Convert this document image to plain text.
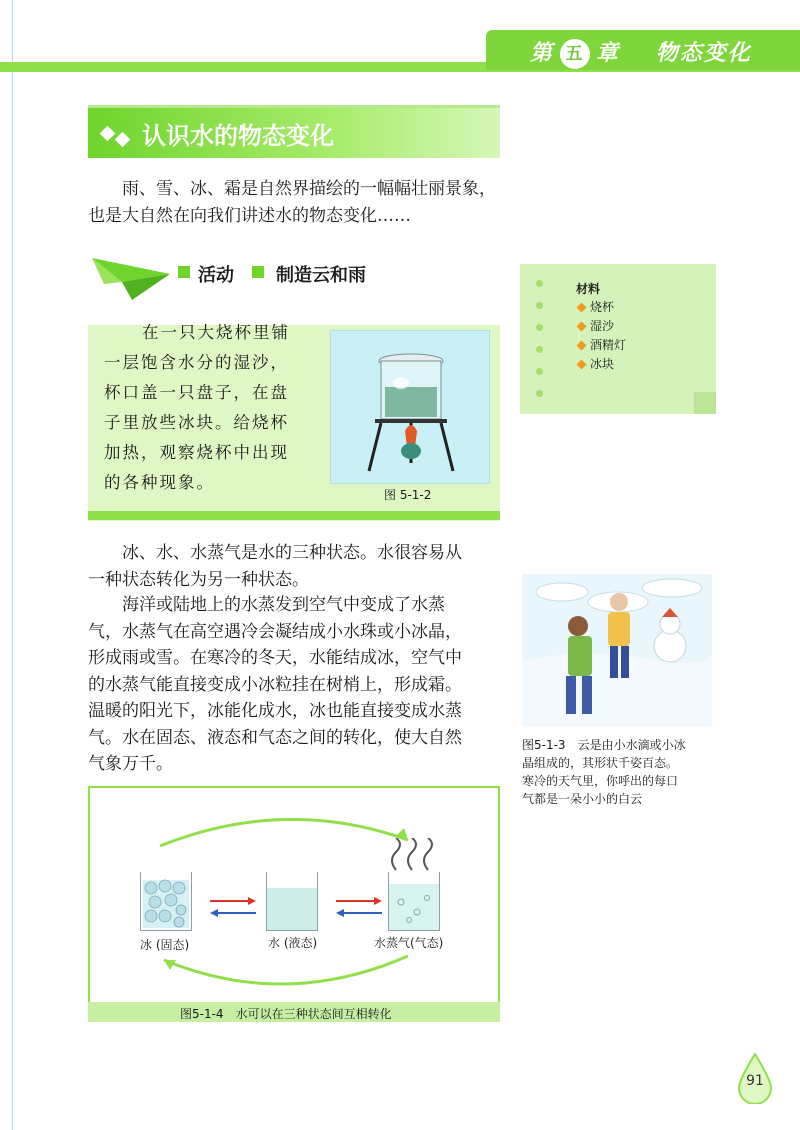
第 五 章 物态变化
认识水的物态变化
雨、雪、冰、霜是自然界描绘的一幅幅壮丽景象，
也是大自然在向我们讲述水的物态变化……
活动 制造云和雨
在一只大烧杯里铺
一层饱含水分的湿沙，
杯口盖一只盘子，在盘
子里放些冰块。给烧杯
加热，观察烧杯中出现
的各种现象。
图 5-1-2
材料
烧杯
湿沙
酒精灯
冰块
冰、水、水蒸气是水的三种状态。水很容易从
一种状态转化为另一种状态。
海洋或陆地上的水蒸发到空气中变成了水蒸
气，水蒸气在高空遇冷会凝结成小水珠或小冰晶，
形成雨或雪。在寒冷的冬天，水能结成冰，空气中
的水蒸气能直接变成小冰粒挂在树梢上，形成霜。
温暖的阳光下，冰能化成水，冰也能直接变成水蒸
气。水在固态、液态和气态之间的转化，使大自然
气象万千。
图5-1-3　云是由小水滴或小冰
晶组成的，其形状千姿百态。
寒冷的天气里，你呼出的每口
气都是一朵小小的白云
冰 (固态)	水 (液态)	水蒸气(气态)
图5-1-4　水可以在三种状态间互相转化
91
